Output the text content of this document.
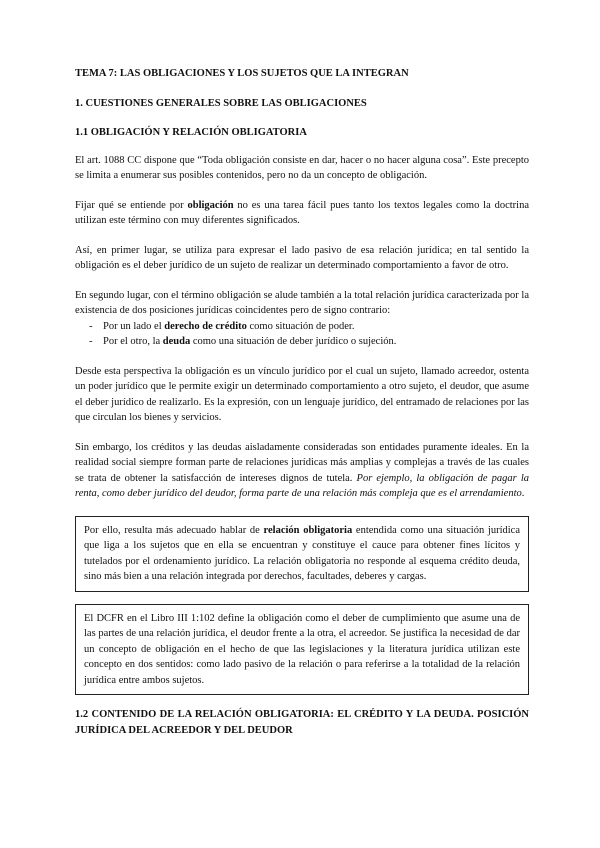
TEMA 7: LAS OBLIGACIONES Y LOS SUJETOS QUE LA INTEGRAN
1. CUESTIONES GENERALES SOBRE LAS OBLIGACIONES
1.1 OBLIGACIÓN Y RELACIÓN OBLIGATORIA

El art. 1088 CC dispone que “Toda obligación consiste en dar, hacer o no hacer alguna cosa”. Este precepto se limita a enumerar sus posibles contenidos, pero no da un concepto de obligación.

Fijar qué se entiende por obligación no es una tarea fácil pues tanto los textos legales como la doctrina utilizan este término con muy diferentes significados.

Así, en primer lugar, se utiliza para expresar el lado pasivo de esa relación jurídica; en tal sentido la obligación es el deber jurídico de un sujeto de realizar un determinado comportamiento a favor de otro.

En segundo lugar, con el término obligación se alude también a la total relación jurídica caracterizada por la existencia de dos posiciones jurídicas coincidentes pero de signo contrario:

- Por un lado el derecho de crédito como situación de poder.
- Por el otro, la deuda como una situación de deber jurídico o sujeción.

Desde esta perspectiva la obligación es un vínculo jurídico por el cual un sujeto, llamado acreedor, ostenta un poder jurídico que le permite exigir un determinado comportamiento a otro sujeto, el deudor, que asume el deber jurídico de realizarlo. Es la expresión, con un lenguaje jurídico, del entramado de relaciones por las que circulan los bienes y servicios.

Sin embargo, los créditos y las deudas aisladamente consideradas son entidades puramente ideales. En la realidad social siempre forman parte de relaciones jurídicas más amplias y complejas a través de las cuales se trata de obtener la satisfacción de intereses dignos de tutela. Por ejemplo, la obligación de pagar la renta, como deber jurídico del deudor, forma parte de una relación más compleja que es el arrendamiento.

Por ello, resulta más adecuado hablar de relación obligatoria entendida como una situación jurídica que liga a los sujetos que en ella se encuentran y constituye el cauce para obtener fines lícitos y tutelados por el ordenamiento jurídico. La relación obligatoria no responde al esquema crédito deuda, sino más bien a una relación integrada por derechos, facultades, deberes y cargas.

El DCFR en el Libro III 1:102 define la obligación como el deber de cumplimiento que asume una de las partes de una relación jurídica, el deudor frente a la otra, el acreedor. Se justifica la necesidad de dar un concepto de obligación en el hecho de que las legislaciones y la literatura jurídica utilizan este concepto en dos sentidos: como lado pasivo de la relación o para referirse a la totalidad de la relación jurídica entre ambos sujetos.

1.2 CONTENIDO DE LA RELACIÓN OBLIGATORIA: EL CRÉDITO Y LA DEUDA. POSICIÓN JURÍDICA DEL ACREEDOR Y DEL DEUDOR
